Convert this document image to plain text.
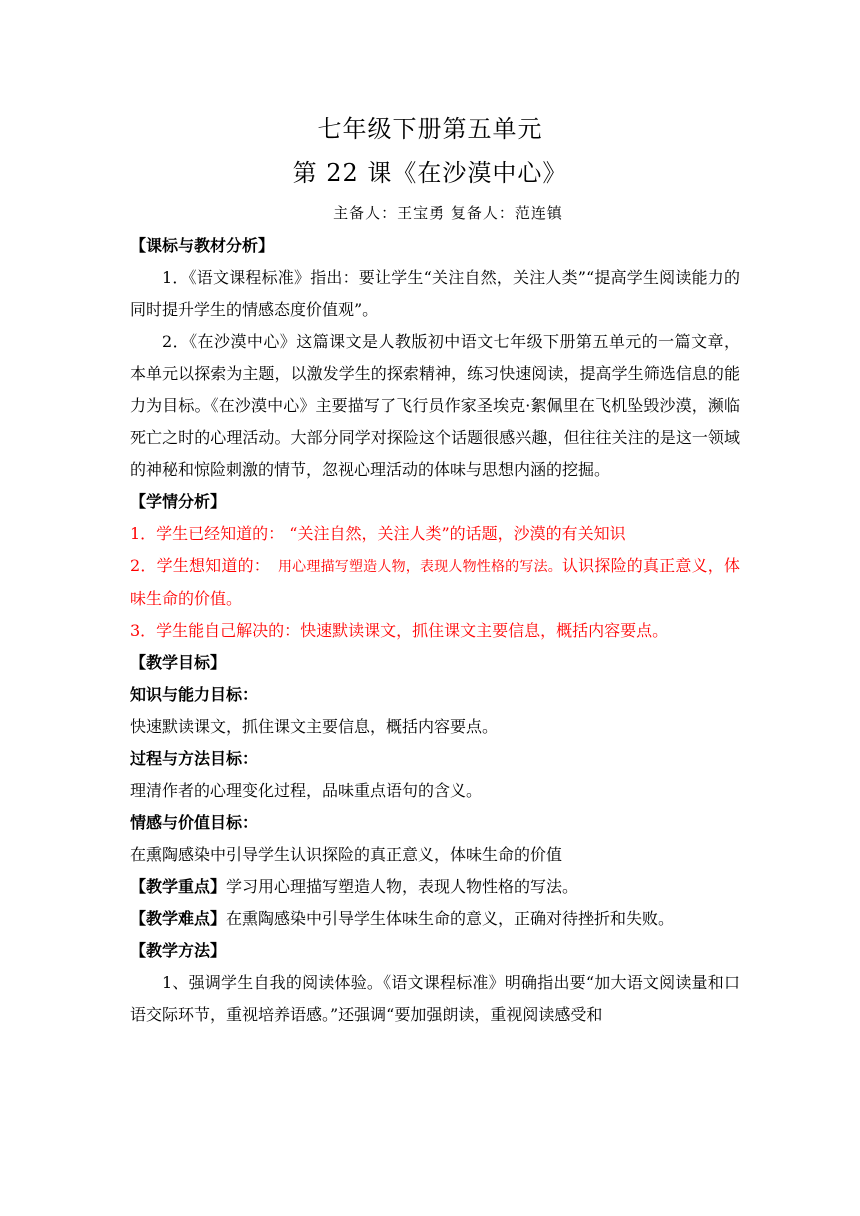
七年级下册第五单元
第 22 课《在沙漠中心》
主备人：王宝勇 复备人：范连镇

【课标与教材分析】

1．《语文课程标准》指出：要让学生“关注自然，关注人类”“提高学生阅读能力的同时提升学生的情感态度价值观”。

2．《在沙漠中心》这篇课文是人教版初中语文七年级下册第五单元的一篇文章，本单元以探索为主题，以激发学生的探索精神，练习快速阅读，提高学生筛选信息的能力为目标。《在沙漠中心》主要描写了飞行员作家圣埃克·絮佩里在飞机坠毁沙漠，濒临死亡之时的心理活动。大部分同学对探险这个话题很感兴趣，但往往关注的是这一领域的神秘和惊险刺激的情节，忽视心理活动的体味与思想内涵的挖掘。

【学情分析】

1．学生已经知道的： “关注自然，关注人类”的话题，沙漠的有关知识

2．学生想知道的： 用心理描写塑造人物，表现人物性格的写法。认识探险的真正意义，体味生命的价值。

3．学生能自己解决的：快速默读课文，抓住课文主要信息，概括内容要点。

【教学目标】

知识与能力目标：

快速默读课文，抓住课文主要信息，概括内容要点。

过程与方法目标：

理清作者的心理变化过程，品味重点语句的含义。

情感与价值目标：

在熏陶感染中引导学生认识探险的真正意义，体味生命的价值

【教学重点】学习用心理描写塑造人物，表现人物性格的写法。

【教学难点】在熏陶感染中引导学生体味生命的意义，正确对待挫折和失败。

【教学方法】

1、强调学生自我的阅读体验。《语文课程标准》明确指出要“加大语文阅读量和口语交际环节，重视培养语感。”还强调“要加强朗读，重视阅读感受和
